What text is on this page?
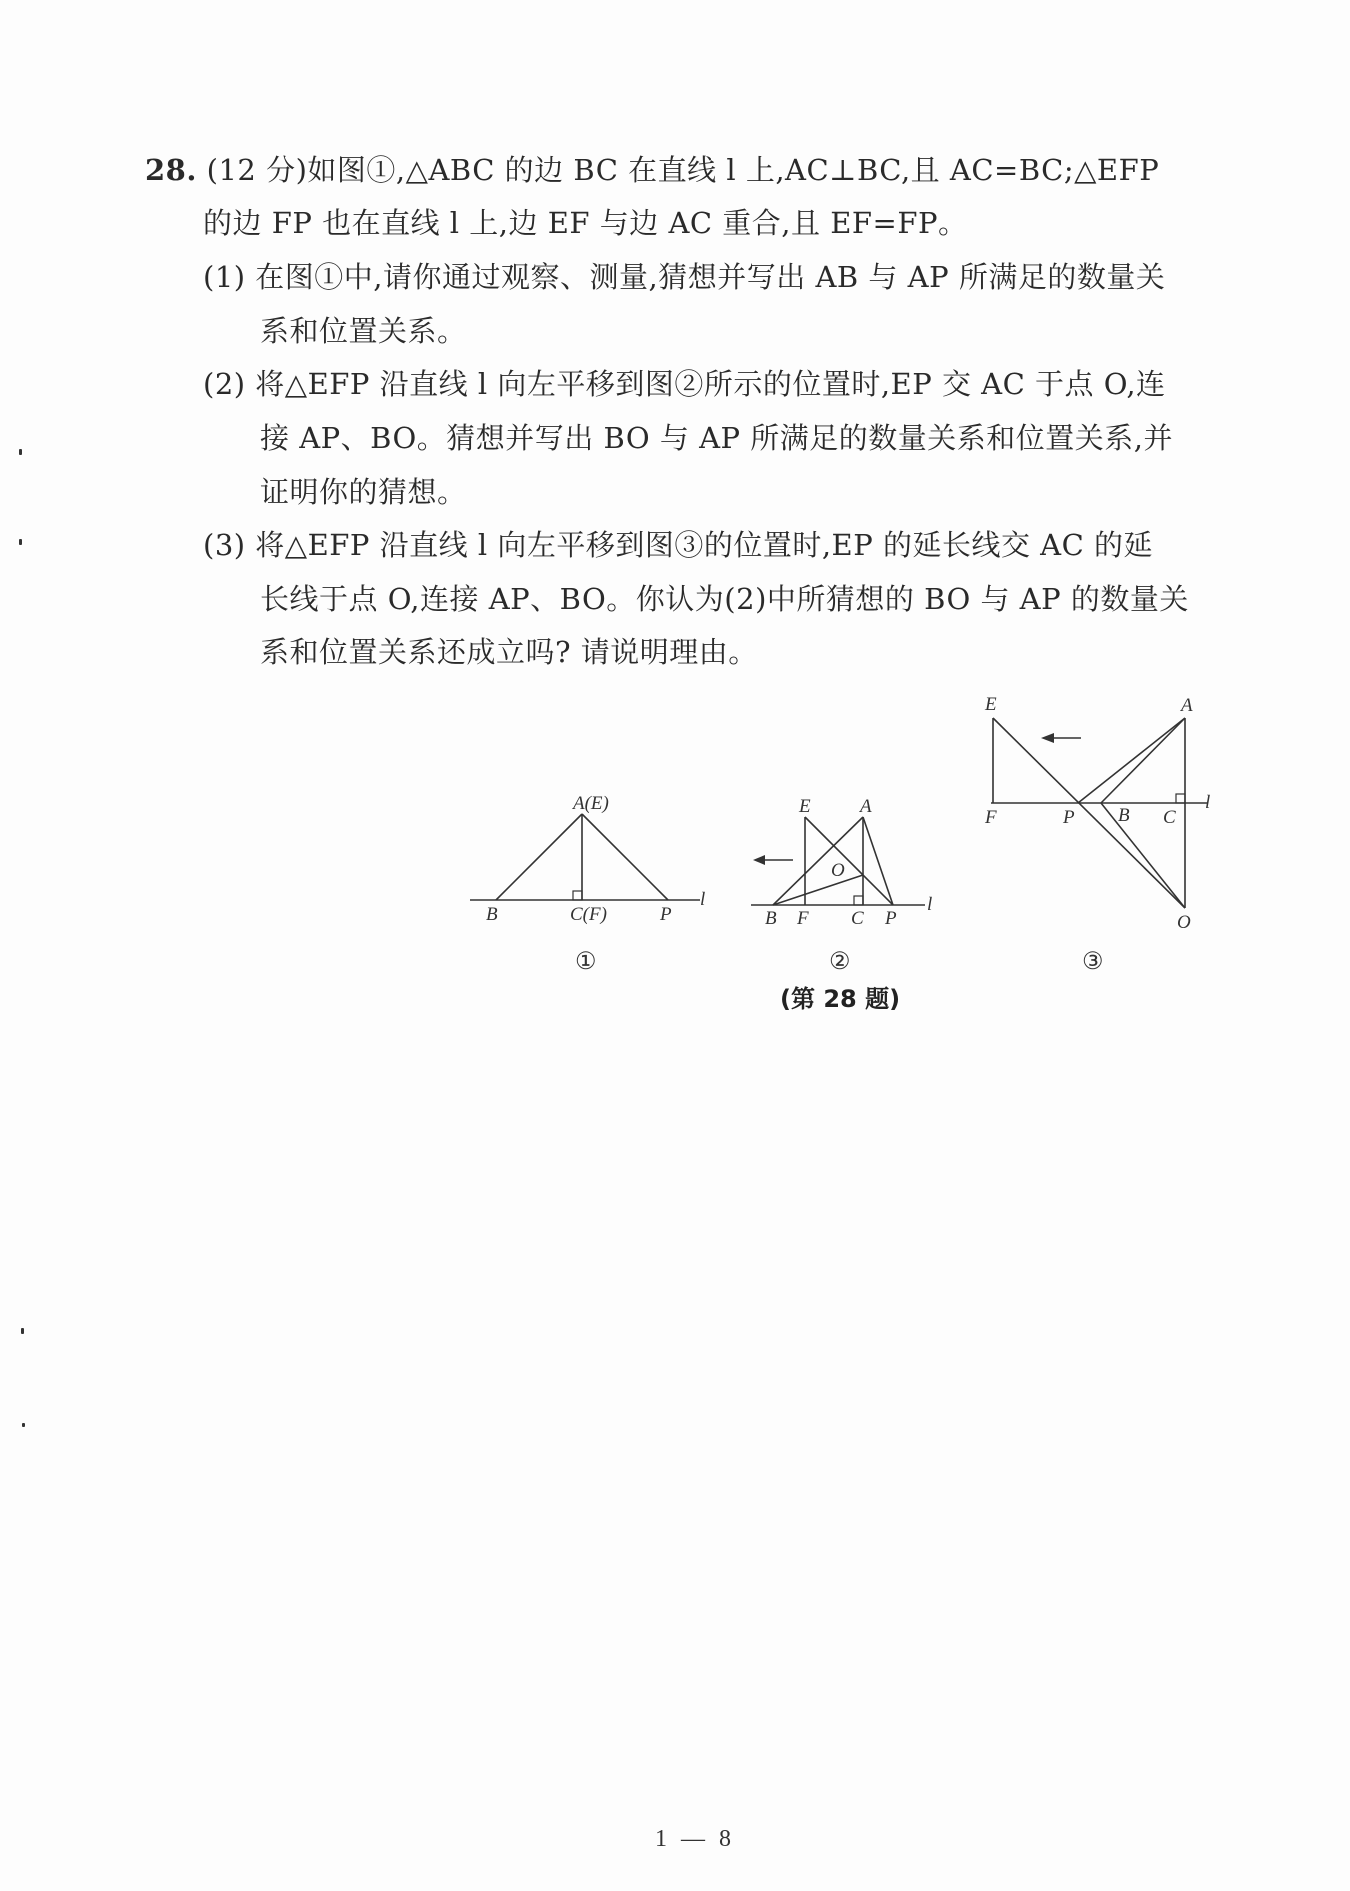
28. (12 分)如图①,△ABC 的边 BC 在直线 l 上,AC⊥BC,且 AC=BC;△EFP
的边 FP 也在直线 l 上,边 EF 与边 AC 重合,且 EF=FP。
(1) 在图①中,请你通过观察、测量,猜想并写出 AB 与 AP 所满足的数量关
系和位置关系。
(2) 将△EFP 沿直线 l 向左平移到图②所示的位置时,EP 交 AC 于点 O,连
接 AP、BO。猜想并写出 BO 与 AP 所满足的数量关系和位置关系,并
证明你的猜想。
(3) 将△EFP 沿直线 l 向左平移到图③的位置时,EP 的延长线交 AC 的延
长线于点 O,连接 AP、BO。你认为(2)中所猜想的 BO 与 AP 的数量关
系和位置关系还成立吗? 请说明理由。
A(E)
B	C(F)	P
l
①
E	A
O
B F C P
l
②
E	A
F	P B C
l
O
③
(第 28 题)
1 — 8
